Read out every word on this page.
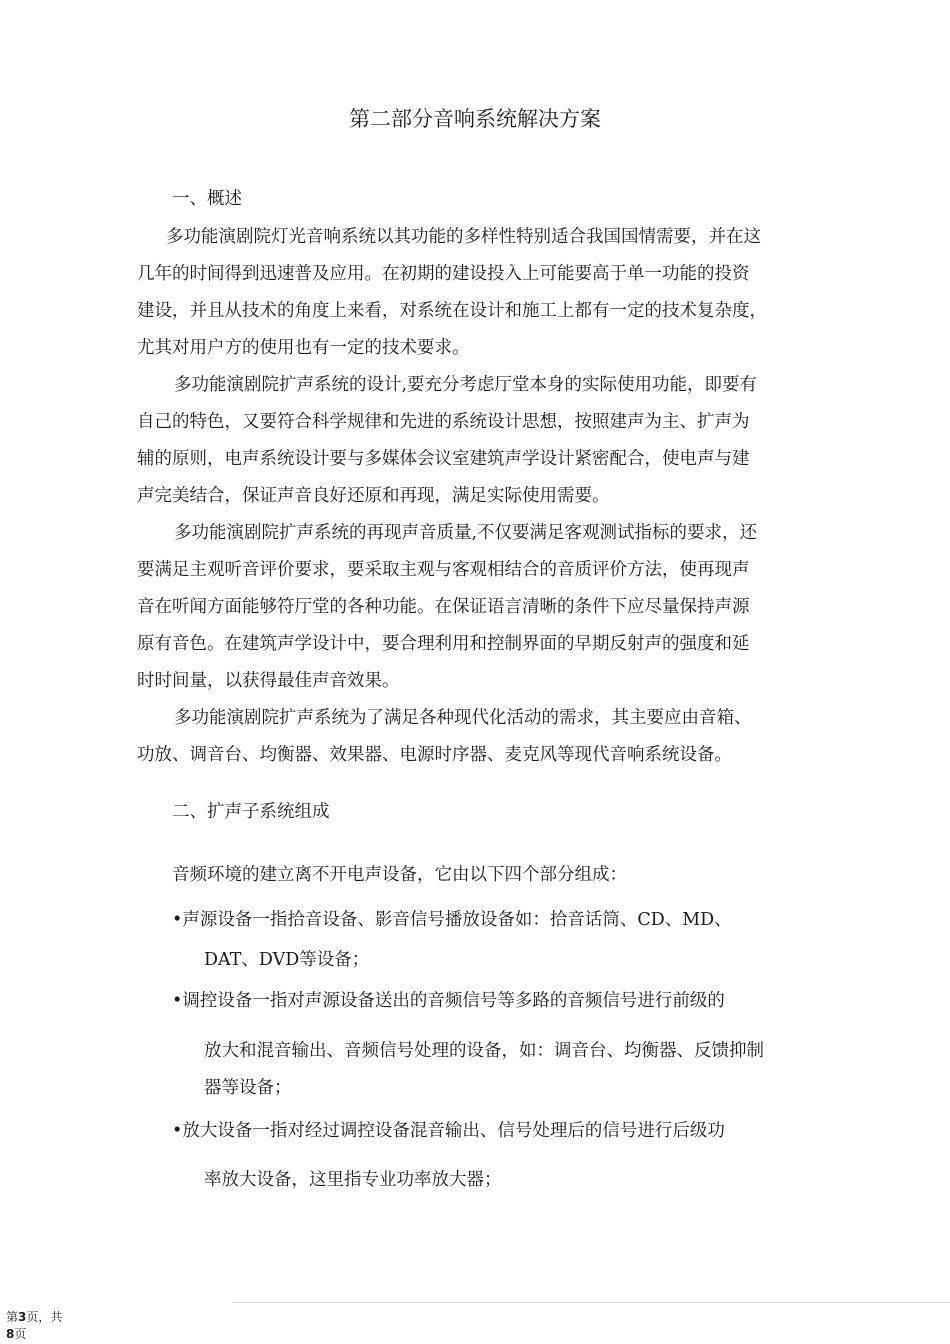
第二部分音响系统解决方案
一、概述
多功能演剧院灯光音响系统以其功能的多样性特别适合我国国情需要，并在这
几年的时间得到迅速普及应用。在初期的建设投入上可能要高于单一功能的投资
建设，并且从技术的角度上来看，对系统在设计和施工上都有一定的技术复杂度，
尤其对用户方的使用也有一定的技术要求。
多功能演剧院扩声系统的设计,要充分考虑厅堂本身的实际使用功能，即要有
自己的特色，又要符合科学规律和先进的系统设计思想，按照建声为主、扩声为
辅的原则，电声系统设计要与多媒体会议室建筑声学设计紧密配合，使电声与建
声完美结合，保证声音良好还原和再现，满足实际使用需要。
多功能演剧院扩声系统的再现声音质量,不仅要满足客观测试指标的要求，还
要满足主观听音评价要求，要采取主观与客观相结合的音质评价方法，使再现声
音在听闻方面能够符厅堂的各种功能。在保证语言清晰的条件下应尽量保持声源
原有音色。在建筑声学设计中，要合理利用和控制界面的早期反射声的强度和延
时时间量，以获得最佳声音效果。
多功能演剧院扩声系统为了满足各种现代化活动的需求，其主要应由音箱、
功放、调音台、均衡器、效果器、电源时序器、麦克风等现代音响系统设备。
二、扩声子系统组成
音频环境的建立离不开电声设备，它由以下四个部分组成：
•声源设备一指拾音设备、影音信号播放设备如：拾音话筒、CD、MD、
DAT、DVD等设备；
•调控设备一指对声源设备送出的音频信号等多路的音频信号进行前级的
放大和混音输出、音频信号处理的设备，如：调音台、均衡器、反馈抑制
器等设备；
•放大设备一指对经过调控设备混音输出、信号处理后的信号进行后级功
率放大设备，这里指专业功率放大器；
第3页，共
8页
